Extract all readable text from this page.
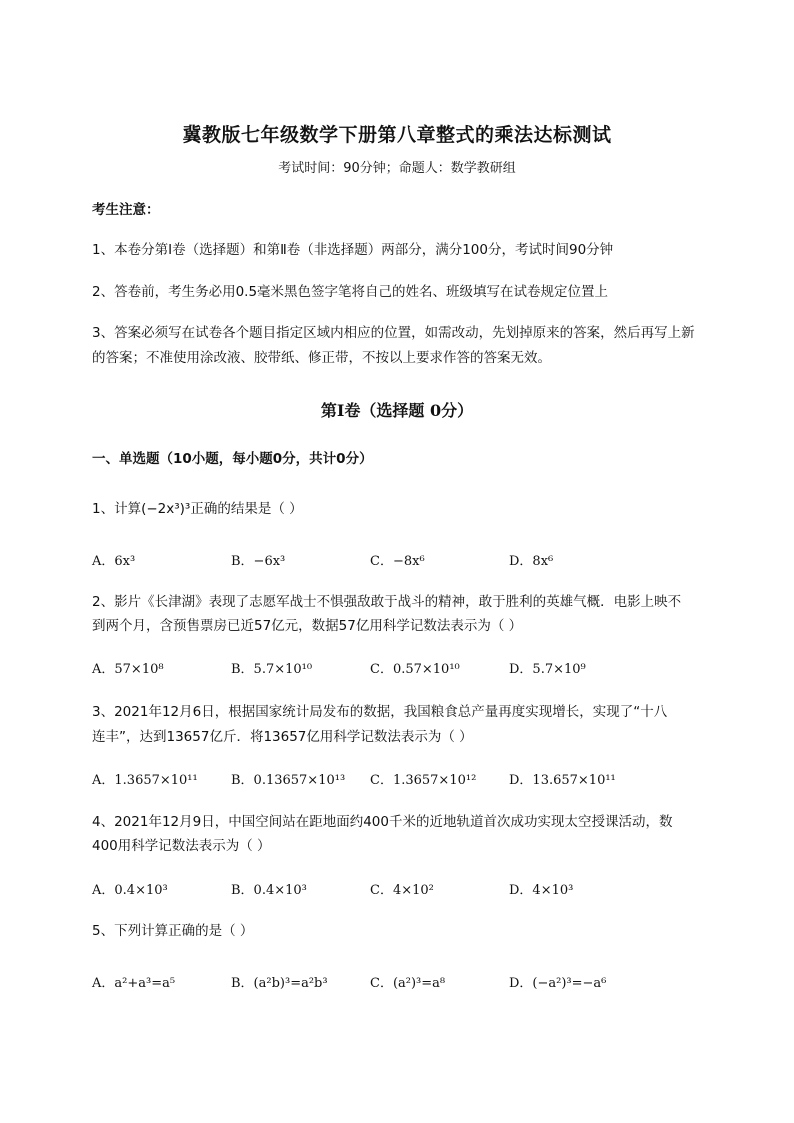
冀教版七年级数学下册第八章整式的乘法达标测试
考试时间：90分钟；命题人：数学教研组
考生注意：
1、本卷分第I卷（选择题）和第Ⅱ卷（非选择题）两部分，满分100分，考试时间90分钟
2、答卷前，考生务必用0.5毫米黑色签字笔将自己的姓名、班级填写在试卷规定位置上
3、答案必须写在试卷各个题目指定区域内相应的位置，如需改动，先划掉原来的答案，然后再写上新
的答案；不准使用涂改液、胶带纸、修正带，不按以上要求作答的答案无效。
第I卷（选择题 0分）
一、单选题（10小题，每小题0分，共计0分）
1、计算(−2x³)³正确的结果是（ ）
A．6x³	B．−6x³	C．−8x⁶	D．8x⁶
2、影片《长津湖》表现了志愿军战士不惧强敌敢于战斗的精神，敢于胜利的英雄气概．电影上映不
到两个月，含预售票房已近57亿元，数据57亿用科学记数法表示为（ ）
A．57×10⁸	B．5.7×10¹⁰	C．0.57×10¹⁰	D．5.7×10⁹
3、2021年12月6日，根据国家统计局发布的数据，我国粮食总产量再度实现增长，实现了“十八
连丰”，达到13657亿斤．将13657亿用科学记数法表示为（ ）
A．1.3657×10¹¹	B．0.13657×10¹³ C．1.3657×10¹²	D．13.657×10¹¹
4、2021年12月9日，中国空间站在距地面约400千米的近地轨道首次成功实现太空授课活动，数
400用科学记数法表示为（ ）
A．0.4×10³	B．0.4×10³	C．4×10²	D．4×10³
5、下列计算正确的是（ ）
A．a²+a³=a⁵	B．(a²b)³=a²b³	C．(a²)³=a⁸	D．(−a²)³=−a⁶
